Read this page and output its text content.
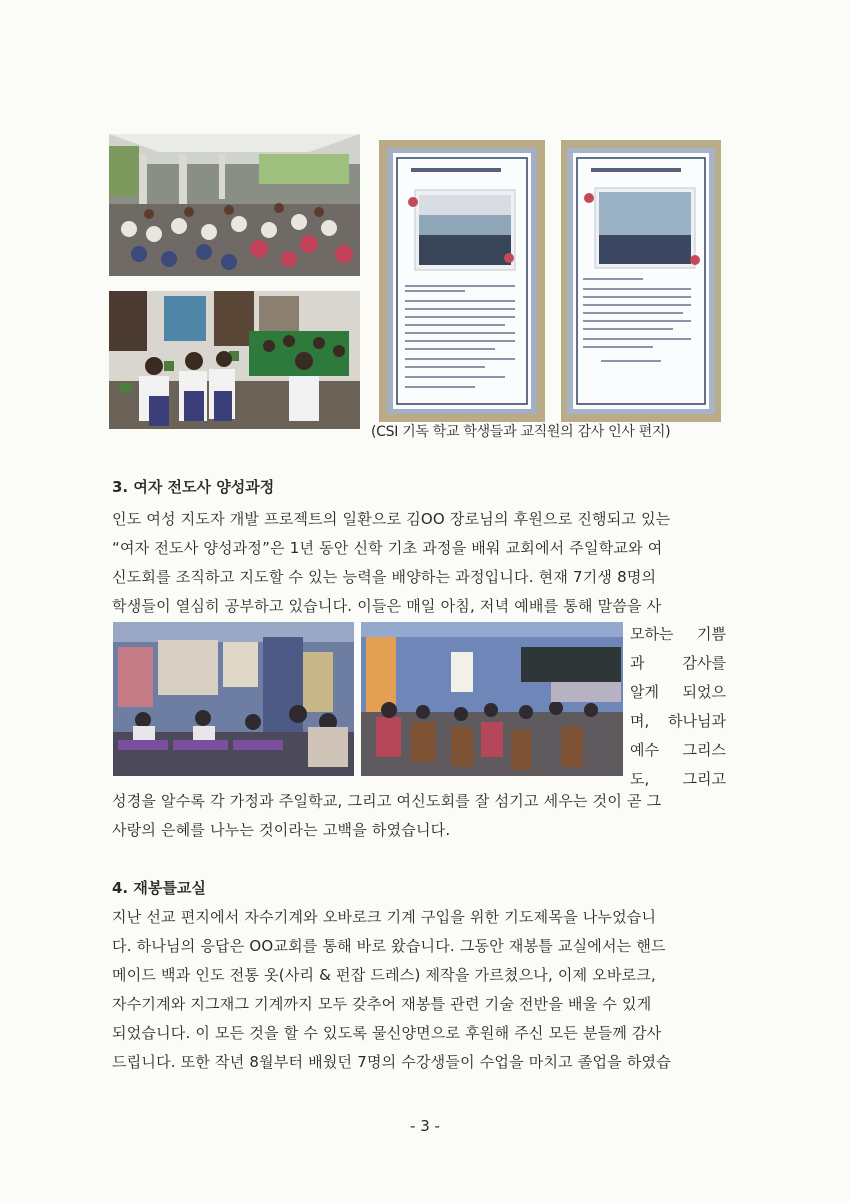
(CSI 기독 학교 학생들과 교직원의 감사 인사 편지)
3. 여자 전도사 양성과정
인도 여성 지도자 개발 프로젝트의 일환으로 김OO 장로님의 후원으로 진행되고 있는
“여자 전도사 양성과정”은 1년 동안 신학 기초 과정을 배워 교회에서 주일학교와 여
신도회를 조직하고 지도할 수 있는 능력을 배양하는 과정입니다. 현재 7기생 8명의
학생들이 열심히 공부하고 있습니다. 이들은 매일 아침, 저녁 예배를 통해 말씀을 사
모하는 기쁨
과 감사를
알게 되었으
며, 하나님과
예수 그리스
도, 그리고
성경을 알수록 각 가정과 주일학교, 그리고 여신도회를 잘 섬기고 세우는 것이 곧 그
사랑의 은혜를 나누는 것이라는 고백을 하였습니다.
4. 재봉틀교실
지난 선교 편지에서 자수기계와 오바로크 기계 구입을 위한 기도제목을 나누었습니
다. 하나님의 응답은 OO교회를 통해 바로 왔습니다. 그동안 재봉틀 교실에서는 핸드
메이드 백과 인도 전통 옷(사리 & 펀잡 드레스) 제작을 가르쳤으나, 이제 오바로크,
자수기계와 지그재그 기계까지 모두 갖추어 재봉틀 관련 기술 전반을 배울 수 있게
되었습니다. 이 모든 것을 할 수 있도록 물신양면으로 후원해 주신 모든 분들께 감사
드립니다. 또한 작년 8월부터 배웠던 7명의 수강생들이 수업을 마치고 졸업을 하였습
- 3 -
